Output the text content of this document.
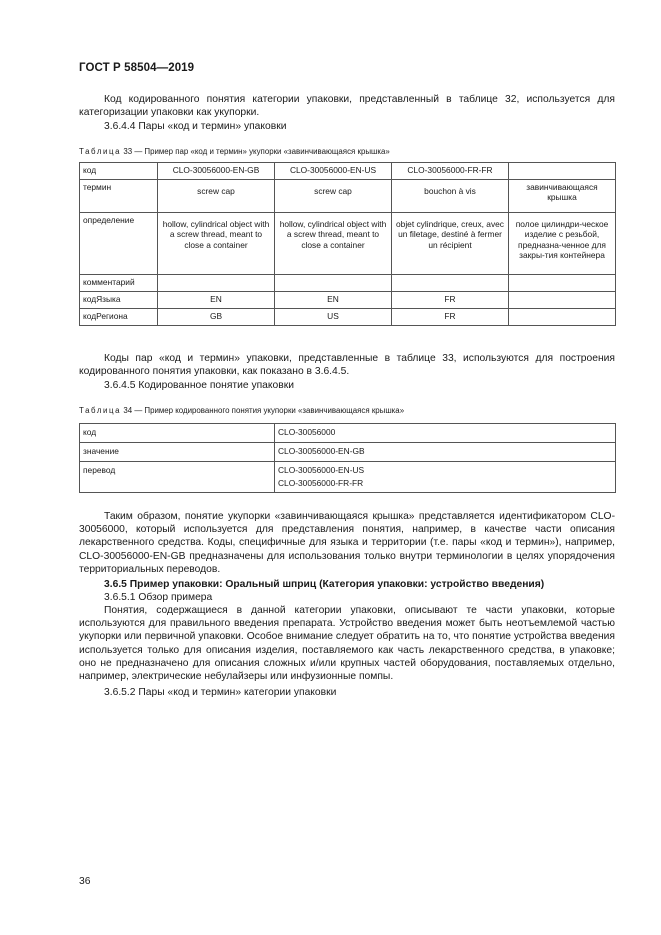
ГОСТ Р 58504—2019

Код кодированного понятия категории упаковки, представленный в таблице 32, используется для категоризации упаковки как укупорки.

3.6.4.4 Пары «код и термин» упаковки
Таблица 33 — Пример пар «код и термин» укупорки «завинчивающаяся крышка»
код	CLO-30056000-EN-GB	CLO-30056000-EN-US	CLO-30056000-FR-FR	
термин	screw cap	screw cap	bouchon à vis	завинчивающаяся крышка
определение	hollow, cylindrical object with a screw thread, meant to close a container	hollow, cylindrical object with a screw thread, meant to close a container	objet cylindrique, creux, avec un filetage, destiné à fermer un récipient	полое цилиндри-ческое изделие с резьбой, предназна-ченное для закры-тия контейнера
комментарий				
кодЯзыка	EN	EN	FR	
кодРегиона	GB	US	FR	

Коды пар «код и термин» упаковки, представленные в таблице 33, используются для построения кодированного понятия упаковки, как показано в 3.6.4.5.

3.6.4.5 Кодированное понятие упаковки
Таблица 34 — Пример кодированного понятия укупорки «завинчивающаяся крышка»
код	CLO-30056000

значение	CLO-30056000-EN-GB

перевод	CLO-30056000-EN-US
CLO-30056000-FR-FR

Таким образом, понятие укупорки «завинчивающаяся крышка» представляется идентификатором CLO-30056000, который используется для представления понятия, например, в качестве части описания лекарственного средства. Коды, специфичные для языка и территории (т.е. пары «код и термин»), например, CLO-30056000-EN-GB предназначены для использования только внутри терминологии в целях упорядочения территориальных переводов.

3.6.5 Пример упаковки: Оральный шприц (Категория упаковки: устройство введения)
3.6.5.1 Обзор примера

Понятия, содержащиеся в данной категории упаковки, описывают те части упаковки, которые используются для правильного введения препарата. Устройство введения может быть неотъемлемой частью укупорки или первичной упаковки. Особое внимание следует обратить на то, что понятие устройства введения используется только для описания изделия, поставляемого как часть лекарственного средства, в упаковке; оно не предназначено для описания сложных и/или крупных частей оборудования, поставляемых отдельно, например, электрические небулайзеры или инфузионные помпы.

3.6.5.2 Пары «код и термин» категории упаковки
36
